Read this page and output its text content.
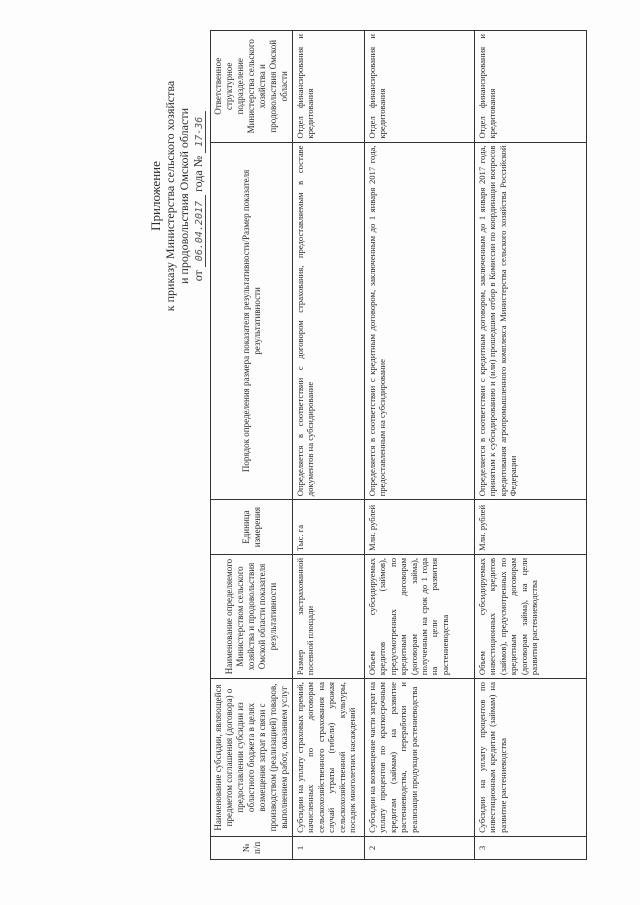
Приложение к приказу Министерства сельского хозяйства и продовольствия Омской области от 06.04.2017 года № 17-36
№ п/п	Наименование субсидии, являющейся предметом соглашения (договора) о предоставлении субсидии из областного бюджета в целях возмещения затрат в связи с производством (реализацией) товаров, выполнением работ, оказанием услуг	Наименование определяемого Министерством сельского хозяйства и продовольствия Омской области показателя результативности	Единица измерения	Порядок определения размера показателя результативности/Размер показателя результативности	Ответственное структурное подразделение Министерства сельского хозяйства и продовольствия Омской области
1	Субсидии на уплату страховых премий, начисленных по договорам сельскохозяйственного страхования на случай утраты (гибели) урожая сельскохозяйственной культуры, посадок многолетних насаждений	Размер застрахованной посевной площади	Тыс. га	Определяется в соответствии с договором страхования, предоставляемым в составе документов на субсидирование	Отдел финансирования и кредитования
2	Субсидии на возмещение части затрат на уплату процентов по краткосрочным кредитам (займам) на развитие растениеводства, переработки и реализации продукции растениеводства	Объем субсидируемых кредитов (займов), предусмотренных по кредитным договорам (договорам займа), полученным на срок до 1 года на цели развития растениеводства	Млн. рублей	Определяется в соответствии с кредитным договором, заключенным до 1 января 2017 года, предоставленным на субсидирование	Отдел финансирования и кредитования
3	Субсидии на уплату процентов по инвестиционным кредитам (займам) на развитие растениеводства	Объем субсидируемых инвестиционных кредитов (займов), предусмотренных по кредитным договорам (договорам займа), на цели развития растениеводства	Млн. рублей	Определяется в соответствии с кредитным договором, заключенным до 1 января 2017 года, принятым к субсидированию и (или) прошедшим отбор в Комиссии по координации вопросов кредитования агропромышленного комплекса Министерства сельского хозяйства Российской Федерации	Отдел финансирования и кредитования
